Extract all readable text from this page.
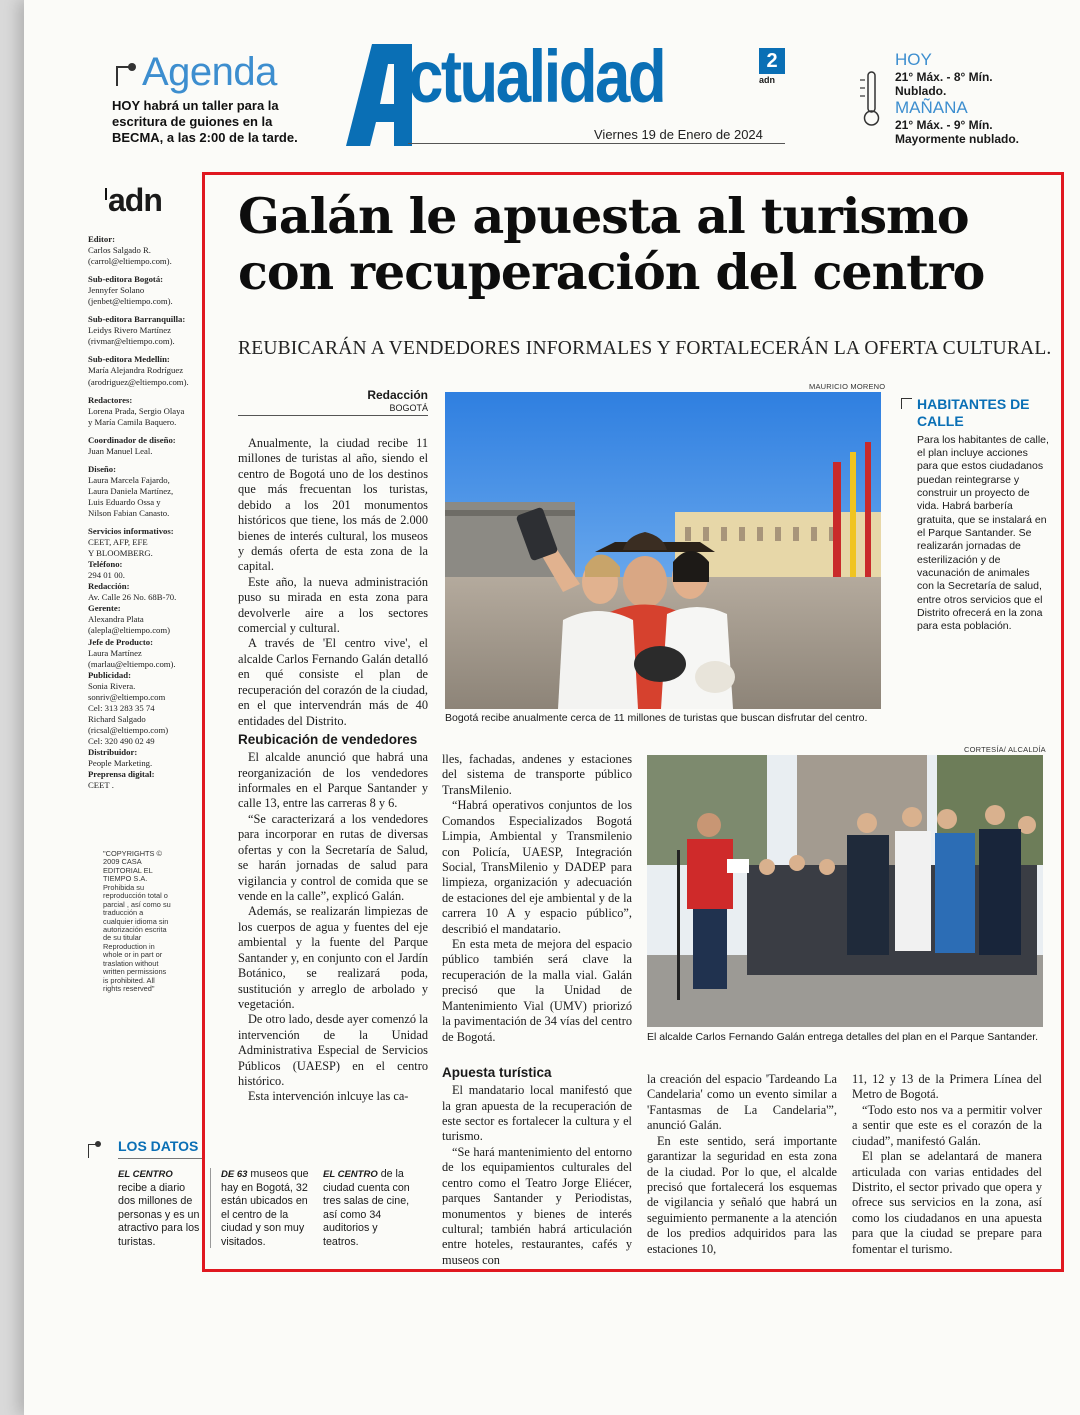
Agenda
HOY habrá un taller para la escritura de guiones en la BECMA, a las 2:00 de la tarde.
ctualidad
Viernes 19 de Enero de 2024
2
adn
HOY
21° Máx. - 8° Mín. Nublado.
MAÑANA
21° Máx. - 9° Mín. Mayormente nublado.
adn
Editor:
Carlos Salgado R.
(carrol@eltiempo.com).
Sub-editora Bogotá:
Jennyfer Solano
(jenbet@eltiempo.com).
Sub-editora Barranquilla:
Leidys Rivero Martínez
(rivmar@eltiempo.com).
Sub-editora Medellín:
María Alejandra Rodríguez
(arodriguez@eltiempo.com).
Redactores:
Lorena Prada, Sergio Olaya
y María Camila Baquero.
Coordinador de diseño:
Juan Manuel Leal.
Diseño:
Laura Marcela Fajardo,
Laura Daniela Martínez,
Luis Eduardo Ossa y
Nilson Fabian Canasto.
Servicios informativos:
CEET, AFP, EFE
Y BLOOMBERG.
Teléfono:
294 01 00.
Redacción:
Av. Calle 26 No. 68B-70.
Gerente:
Alexandra Plata
(alepla@eltiempo.com)
Jefe de Producto:
Laura Martínez
(marlau@eltiempo.com).
Publicidad:
Sonia Rivera.
sonriv@eltiempo.com
Cel: 313 283 35 74
Richard Salgado
(ricsal@eltiempo.com)
Cel: 320 490 02 49
Distribuidor:
People Marketing.
Preprensa digital:
CEET .
"COPYRIGHTS © 2009 CASA EDITORIAL EL TIEMPO S.A. Prohibida su reproducción total o parcial , así como su traducción a cualquier idioma sin autorización escrita de su titular Reproduction in whole or in part or traslation without written permissions is prohibited. All rights reserved"
Galán le apuesta al turismo con recuperación del centro
REUBICARÁN A VENDEDORES INFORMALES Y FORTALECERÁN LA OFERTA CULTURAL.
Redacción
BOGOTÁ

Anualmente, la ciudad recibe 11 millones de turistas al año, siendo el centro de Bogotá uno de los destinos que más frecuentan los turistas, debido a los 201 monumentos históricos que tiene, los más de 2.000 bienes de interés cultural, los museos y demás oferta de esta zona de la capital.

Este año, la nueva administración puso su mirada en esta zona para devolverle aire a los sectores comercial y cultural.

A través de 'El centro vive', el alcalde Carlos Fernando Galán detalló en qué consiste el plan de recuperación del corazón de la ciudad, en el que intervendrán más de 40 entidades del Distrito.

Reubicación de vendedores

El alcalde anunció que habrá una reorganización de los vendedores informales en el Parque Santander y calle 13, entre las carreras 8 y 6.

“Se caracterizará a los vendedores para incorporar en rutas de diversas ofertas y con la Secretaría de Salud, se harán jornadas de salud para vigilancia y control de comida que se vende en la calle”, explicó Galán.

Además, se realizarán limpiezas de los cuerpos de agua y fuentes del eje ambiental y la fuente del Parque Santander y, en conjunto con el Jardín Botánico, se realizará poda, sustitución y arreglo de arbolado y vegetación.

De otro lado, desde ayer comenzó la intervención de la Unidad Administrativa Especial de Servicios Públicos (UAESP) en el centro histórico.

Esta intervención inlcuye las ca-

lles, fachadas, andenes y estaciones del sistema de transporte público TransMilenio.

“Habrá operativos conjuntos de los Comandos Especializados Bogotá Limpia, Ambiental y Transmilenio con Policía, UAESP, Integración Social, TransMilenio y DADEP para limpieza, organización y adecuación de estaciones del eje ambiental y de la carrera 10 A y espacio público”, describió el mandatario.

En esta meta de mejora del espacio público también será clave la recuperación de la malla vial. Galán precisó que la Unidad de Mantenimiento Vial (UMV) priorizó la pavimentación de 34 vías del centro de Bogotá.

Apuesta turística

El mandatario local manifestó que la gran apuesta de la recuperación de este sector es fortalecer la cultura y el turismo.

“Se hará mantenimiento del entorno de los equipamientos culturales del centro como el Teatro Jorge Eliécer, parques Santander y Periodistas, monumentos y bienes de interés cultural; también habrá articulación entre hoteles, restaurantes, cafés y museos con

la creación del espacio 'Tardeando La Candelaria' como un evento similar a 'Fantasmas de La Candelaria'”, anunció Galán.

En este sentido, será importante garantizar la seguridad en esta zona de la ciudad. Por lo que, el alcalde precisó que fortalecerá los esquemas de vigilancia y señaló que habrá un seguimiento permanente a la atención de los predios adquiridos para las estaciones 10,

11, 12 y 13 de la Primera Línea del Metro de Bogotá.

“Todo esto nos va a permitir volver a sentir que este es el corazón de la ciudad”, manifestó Galán.

El plan se adelantará de manera articulada con varias entidades del Distrito, el sector privado que opera y ofrece sus servicios en la zona, así como los ciudadanos en una apuesta para que la ciudad se prepare para fomentar el turismo.

MAURICIO MORENO
Bogotá recibe anualmente cerca de 11 millones de turistas que buscan disfrutar del centro.
HABITANTES DE CALLE
Para los habitantes de calle, el plan incluye acciones para que estos ciudadanos puedan reintegrarse y construir un proyecto de vida. Habrá barbería gratuita, que se instalará en el Parque Santander. Se realizarán jornadas de esterilización y de vacunación de animales con la Secretaría de salud, entre otros servicios que el Distrito ofrecerá en la zona para esta población.
CORTESÍA/ ALCALDÍA
El alcalde Carlos Fernando Galán entrega detalles del plan en el Parque Santander.
LOS DATOS
EL CENTRO recibe a diario dos millones de personas y es un atractivo para los turistas.
DE 63 museos que hay en Bogotá, 32 están ubicados en el centro de la ciudad y son muy visitados.
EL CENTRO de la ciudad cuenta con tres salas de cine, así como 34 auditorios y teatros.
